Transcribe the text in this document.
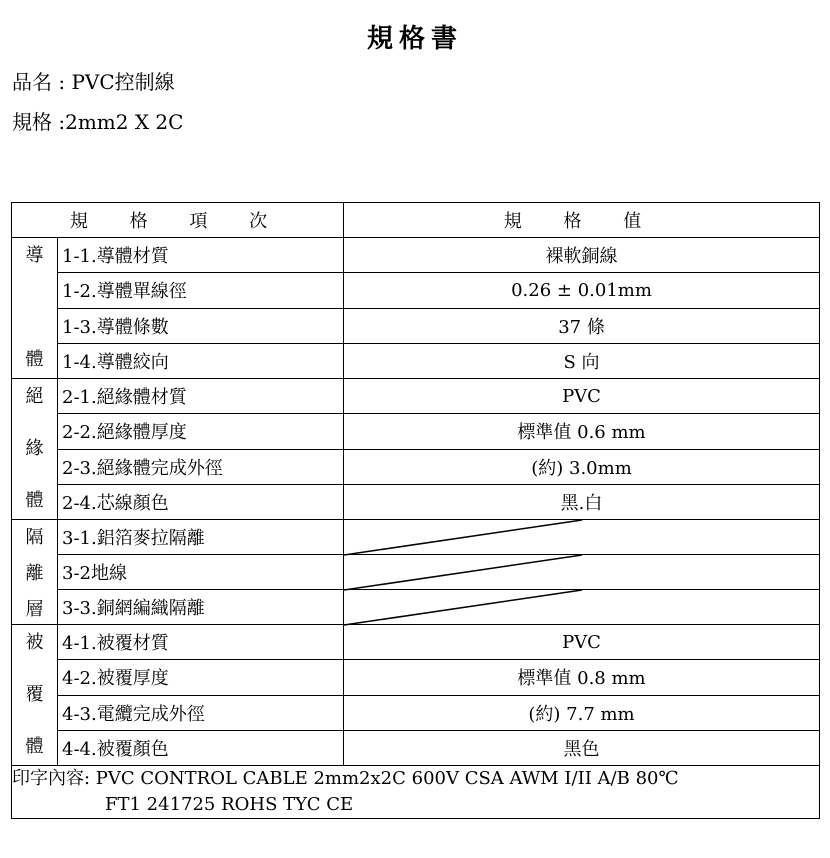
規格書
品名 : PVC控制線
規格 :2mm2 X 2C
規 格 項 次		規 格 值

導
體	1-1.導體材質	裸軟銅線
	1-2.導體單線徑	0.26 ± 0.01mm
	1-3.導體條數	37 條
	1-4.導體絞向	S 向

絕
緣
體	2-1.絕緣體材質	PVC
	2-2.絕緣體厚度	標準值 0.6 mm
	2-3.絕緣體完成外徑	(約) 3.0mm
	2-4.芯線顏色	黑.白

隔
離
層	3-1.鋁箔麥拉隔離	

	3-2地線	

	3-3.銅網編織隔離	

被
覆
體	4-1.被覆材質	PVC
	4-2.被覆厚度	標準值 0.8 mm
	4-3.電纜完成外徑	(約) 7.7 mm
	4-4.被覆顏色	黑色

印字內容: PVC CONTROL CABLE 2mm2x2C 600V CSA AWM I/II A/B 80℃
FT1 241725 ROHS TYC CE		
